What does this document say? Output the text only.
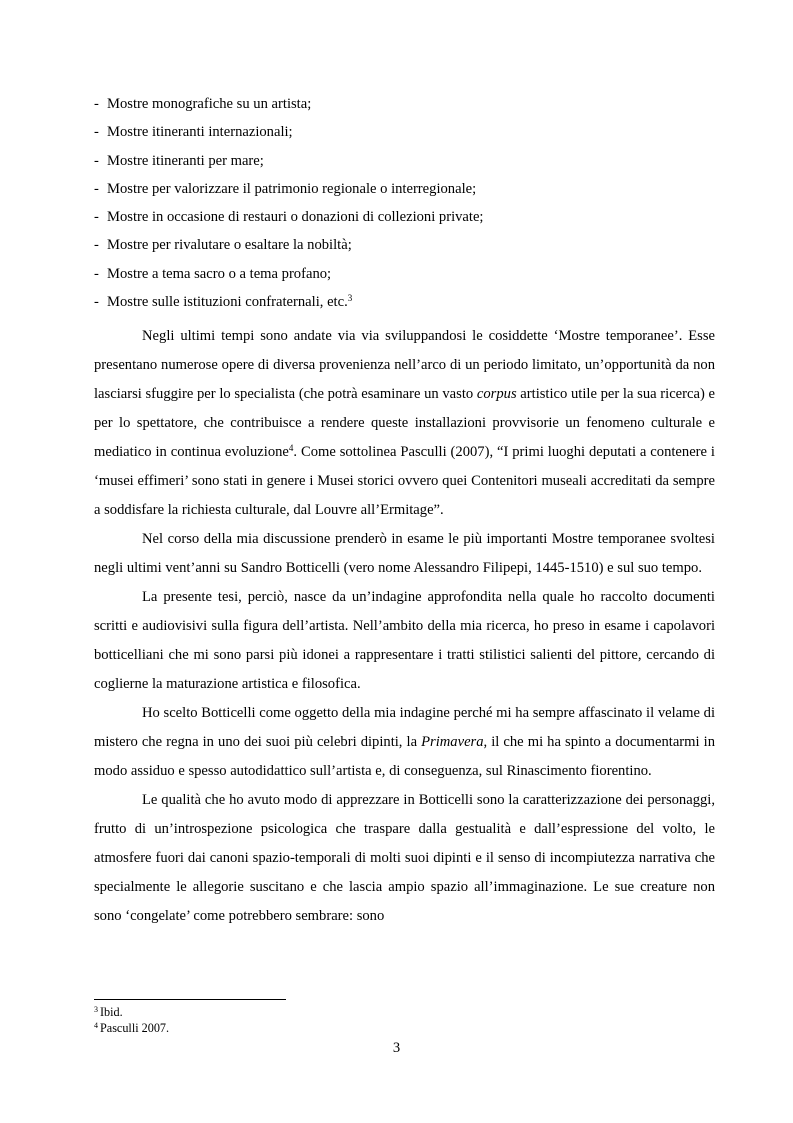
- Mostre monografiche su un artista;
- Mostre itineranti internazionali;
- Mostre itineranti per mare;
- Mostre per valorizzare il patrimonio regionale o interregionale;
- Mostre in occasione di restauri o donazioni di collezioni private;
- Mostre per rivalutare o esaltare la nobiltà;
- Mostre a tema sacro o a tema profano;
- Mostre sulle istituzioni confraternali, etc.$^3$

Negli ultimi tempi sono andate via via sviluppandosi le cosiddette ‘Mostre temporanee’. Esse presentano numerose opere di diversa provenienza nell’arco di un periodo limitato, un’opportunità da non lasciarsi sfuggire per lo specialista (che potrà esaminare un vasto corpus artistico utile per la sua ricerca) e per lo spettatore, che contribuisce a rendere queste installazioni provvisorie un fenomeno culturale e mediatico in continua evoluzione$^4$. Come sottolinea Pasculli (2007), “I primi luoghi deputati a contenere i ‘musei effimeri’ sono stati in genere i Musei storici ovvero quei Contenitori museali accreditati da sempre a soddisfare la richiesta culturale, dal Louvre all’Ermitage”.

Nel corso della mia discussione prenderò in esame le più importanti Mostre temporanee svoltesi negli ultimi vent’anni su Sandro Botticelli (vero nome Alessandro Filipepi, 1445-1510) e sul suo tempo.

La presente tesi, perciò, nasce da un’indagine approfondita nella quale ho raccolto documenti scritti e audiovisivi sulla figura dell’artista. Nell’ambito della mia ricerca, ho preso in esame i capolavori botticelliani che mi sono parsi più idonei a rappresentare i tratti stilistici salienti del pittore, cercando di coglierne la maturazione artistica e filosofica.

Ho scelto Botticelli come oggetto della mia indagine perché mi ha sempre affascinato il velame di mistero che regna in uno dei suoi più celebri dipinti, la Primavera, il che mi ha spinto a documentarmi in modo assiduo e spesso autodidattico sull’artista e, di conseguenza, sul Rinascimento fiorentino.

Le qualità che ho avuto modo di apprezzare in Botticelli sono la caratterizzazione dei personaggi, frutto di un’introspezione psicologica che traspare dalla gestualità e dall’espressione del volto, le atmosfere fuori dai canoni spazio-temporali di molti suoi dipinti e il senso di incompiutezza narrativa che specialmente le allegorie suscitano e che lascia ampio spazio all’immaginazione. Le sue creature non sono ‘congelate’ come potrebbero sembrare: sono

$^3$ Ibid.
$^4$ Pasculli 2007.
3
